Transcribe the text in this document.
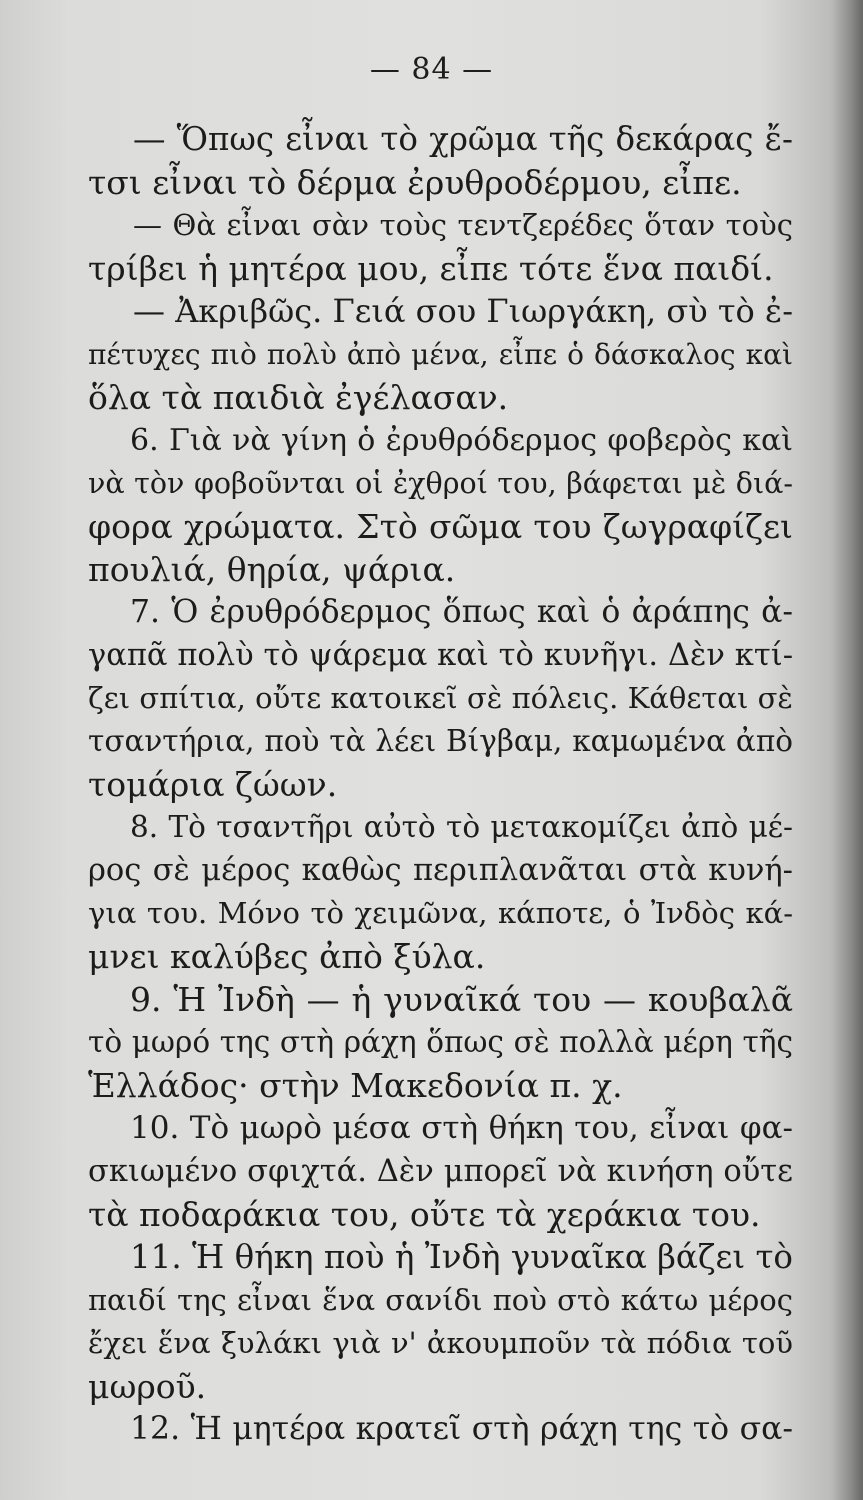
— 84 —
— Ὅπως εἶναι τὸ χρῶμα τῆς δεκάρας ἔ-
τσι εἶναι τὸ δέρμα ἐρυθροδέρμου, εἶπε.
— Θὰ εἶναι σὰν τοὺς τεντζερέδες ὅταν τοὺς
τρίβει ἡ μητέρα μου, εἶπε τότε ἕνα παιδί.
— Ἀκριβῶς. Γειά σου Γιωργάκη, σὺ τὸ ἐ-
πέτυχες πιὸ πολὺ ἀπὸ μένα, εἶπε ὁ δάσκαλος καὶ
ὅλα τὰ παιδιὰ ἐγέλασαν.
6. Γιὰ νὰ γίνη ὁ ἐρυθρόδερμος φοβερὸς καὶ
νὰ τὸν φοβοῦνται οἱ ἐχθροί του, βάφεται μὲ διά-
φορα χρώματα. Στὸ σῶμα του ζωγραφίζει
πουλιά, θηρία, ψάρια.
7. Ὁ ἐρυθρόδερμος ὅπως καὶ ὁ ἀράπης ἀ-
γαπᾶ πολὺ τὸ ψάρεμα καὶ τὸ κυνῆγι. Δὲν κτί-
ζει σπίτια, οὔτε κατοικεῖ σὲ πόλεις. Κάθεται σὲ
τσαντήρια, ποὺ τὰ λέει Βίγβαμ, καμωμένα ἀπὸ
τομάρια ζώων.
8. Τὸ τσαντῆρι αὐτὸ τὸ μετακομίζει ἀπὸ μέ-
ρος σὲ μέρος καθὼς περιπλανᾶται στὰ κυνή-
για του. Μόνο τὸ χειμῶνα, κάποτε, ὁ Ἰνδὸς κά-
μνει καλύβες ἀπὸ ξύλα.
9. Ἡ Ἰνδὴ — ἡ γυναῖκά του — κουβαλᾶ
τὸ μωρό της στὴ ράχη ὅπως σὲ πολλὰ μέρη τῆς
Ἑλλάδος· στὴν Μακεδονία π. χ.
10. Τὸ μωρὸ μέσα στὴ θήκη του, εἶναι φα-
σκιωμένο σφιχτά. Δὲν μπορεῖ νὰ κινήση οὔτε
τὰ ποδαράκια του, οὔτε τὰ χεράκια του.
11. Ἡ θήκη ποὺ ἡ Ἰνδὴ γυναῖκα βάζει τὸ
παιδί της εἶναι ἕνα σανίδι ποὺ στὸ κάτω μέρος
ἔχει ἕνα ξυλάκι γιὰ ν' ἀκουμποῦν τὰ πόδια τοῦ
μωροῦ.
12. Ἡ μητέρα κρατεῖ στὴ ράχη της τὸ σα-
